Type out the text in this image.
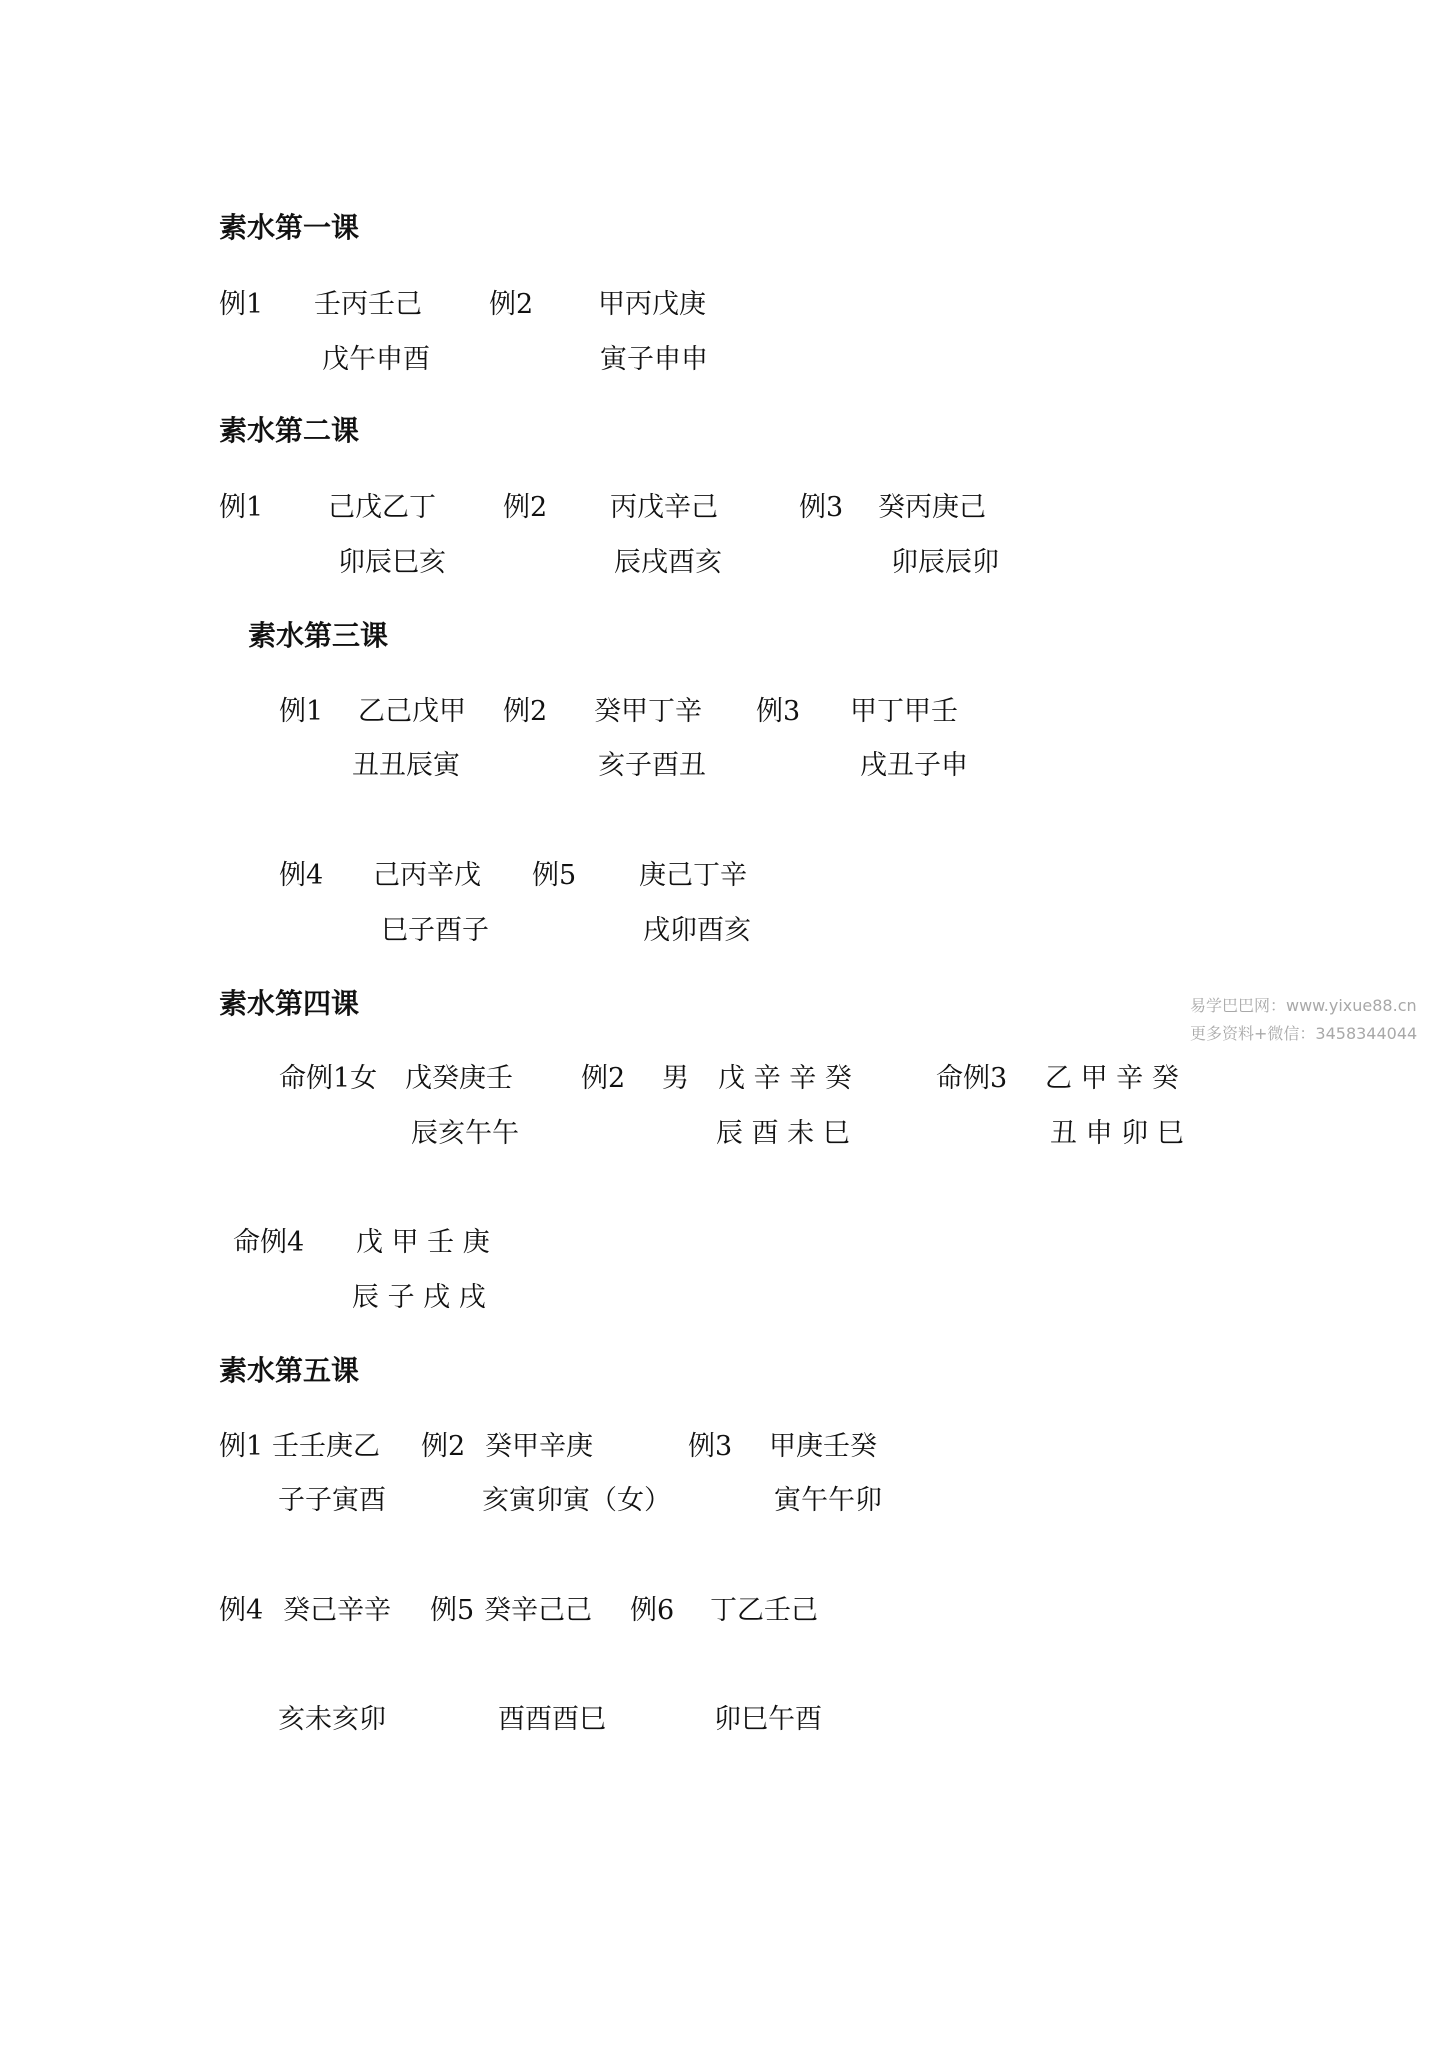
素水第一课
例1 壬丙壬己
戊午申酉
例2 甲丙戊庚
寅子申申
素水第二课
例1 己戊乙丁
卯辰巳亥
例2 丙戊辛己
辰戌酉亥
例3 癸丙庚己
卯辰辰卯
素水第三课
例1 乙己戊甲
丑丑辰寅
例2 癸甲丁辛
亥子酉丑
例3 甲丁甲壬
戌丑子申
例4 己丙辛戊
巳子酉子
例5 庚己丁辛
戌卯酉亥
素水第四课
命例1女 戊癸庚壬
辰亥午午
例2 男 戊 辛 辛 癸
辰 酉 未 巳
命例3 乙 甲 辛 癸
丑 申 卯 巳
命例4 戊 甲 壬 庚
辰 子 戌 戌
易学巴巴网：www.yixue88.cn
更多资料+微信：3458344044
素水第五课
例1 壬壬庚乙
子子寅酉
例2 癸甲辛庚
亥寅卯寅（女）
例3 甲庚壬癸
寅午午卯
例4 癸己辛辛
亥未亥卯
例5 癸辛己己
酉酉酉巳
例6 丁乙壬己
卯巳午酉
